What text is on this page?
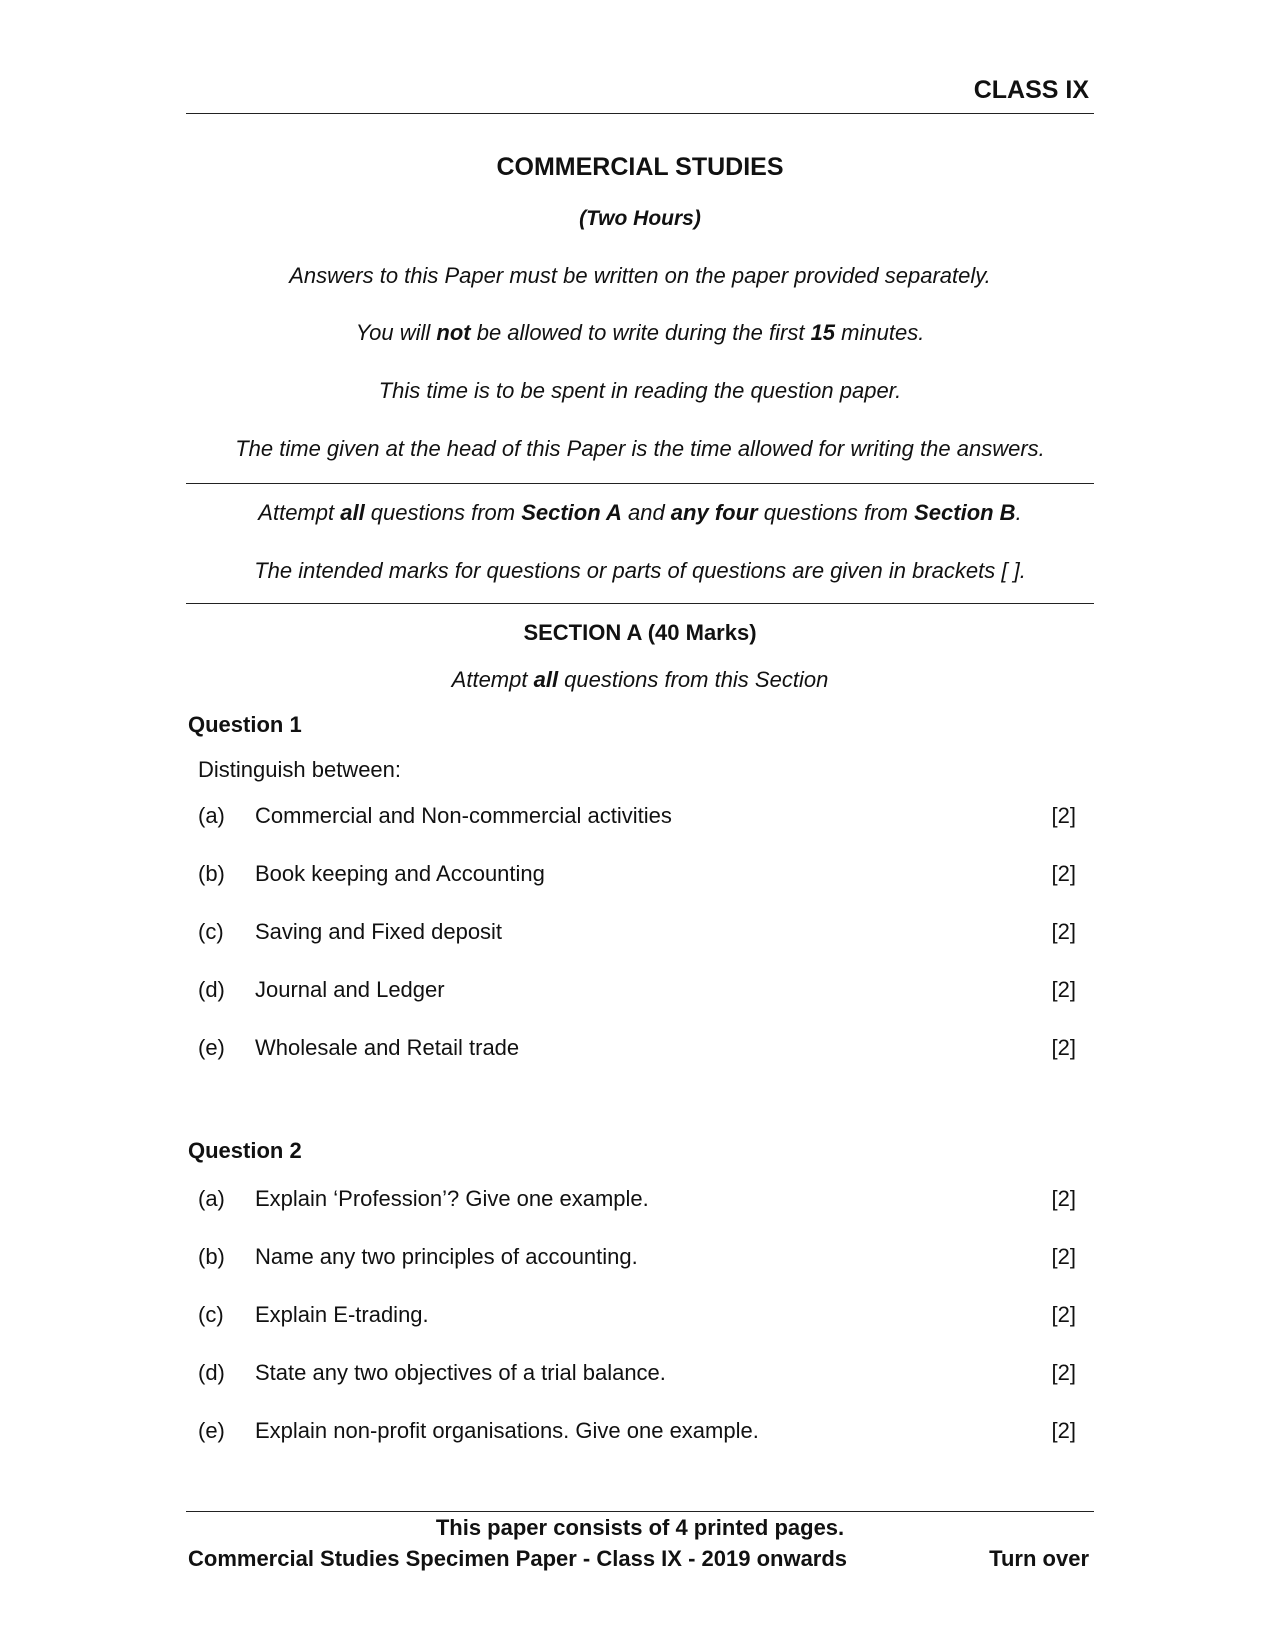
CLASS IX
COMMERCIAL STUDIES
(Two Hours)
Answers to this Paper must be written on the paper provided separately.
You will not be allowed to write during the first 15 minutes.
This time is to be spent in reading the question paper.
The time given at the head of this Paper is the time allowed for writing the answers.
Attempt all questions from Section A and any four questions from Section B.
The intended marks for questions or parts of questions are given in brackets [ ].
SECTION A (40 Marks)
Attempt all questions from this Section
Question 1
Distinguish between:
(a) Commercial and Non-commercial activities	[2]
(b) Book keeping and Accounting	[2]
(c) Saving and Fixed deposit	[2]
(d) Journal and Ledger	[2]
(e) Wholesale and Retail trade	[2]
Question 2
(a) Explain ‘Profession’? Give one example.	[2]
(b) Name any two principles of accounting.	[2]
(c) Explain E-trading.	[2]
(d) State any two objectives of a trial balance.	[2]
(e) Explain non-profit organisations. Give one example.	[2]
This paper consists of 4 printed pages.
Commercial Studies Specimen Paper - Class IX - 2019 onwards	Turn over
